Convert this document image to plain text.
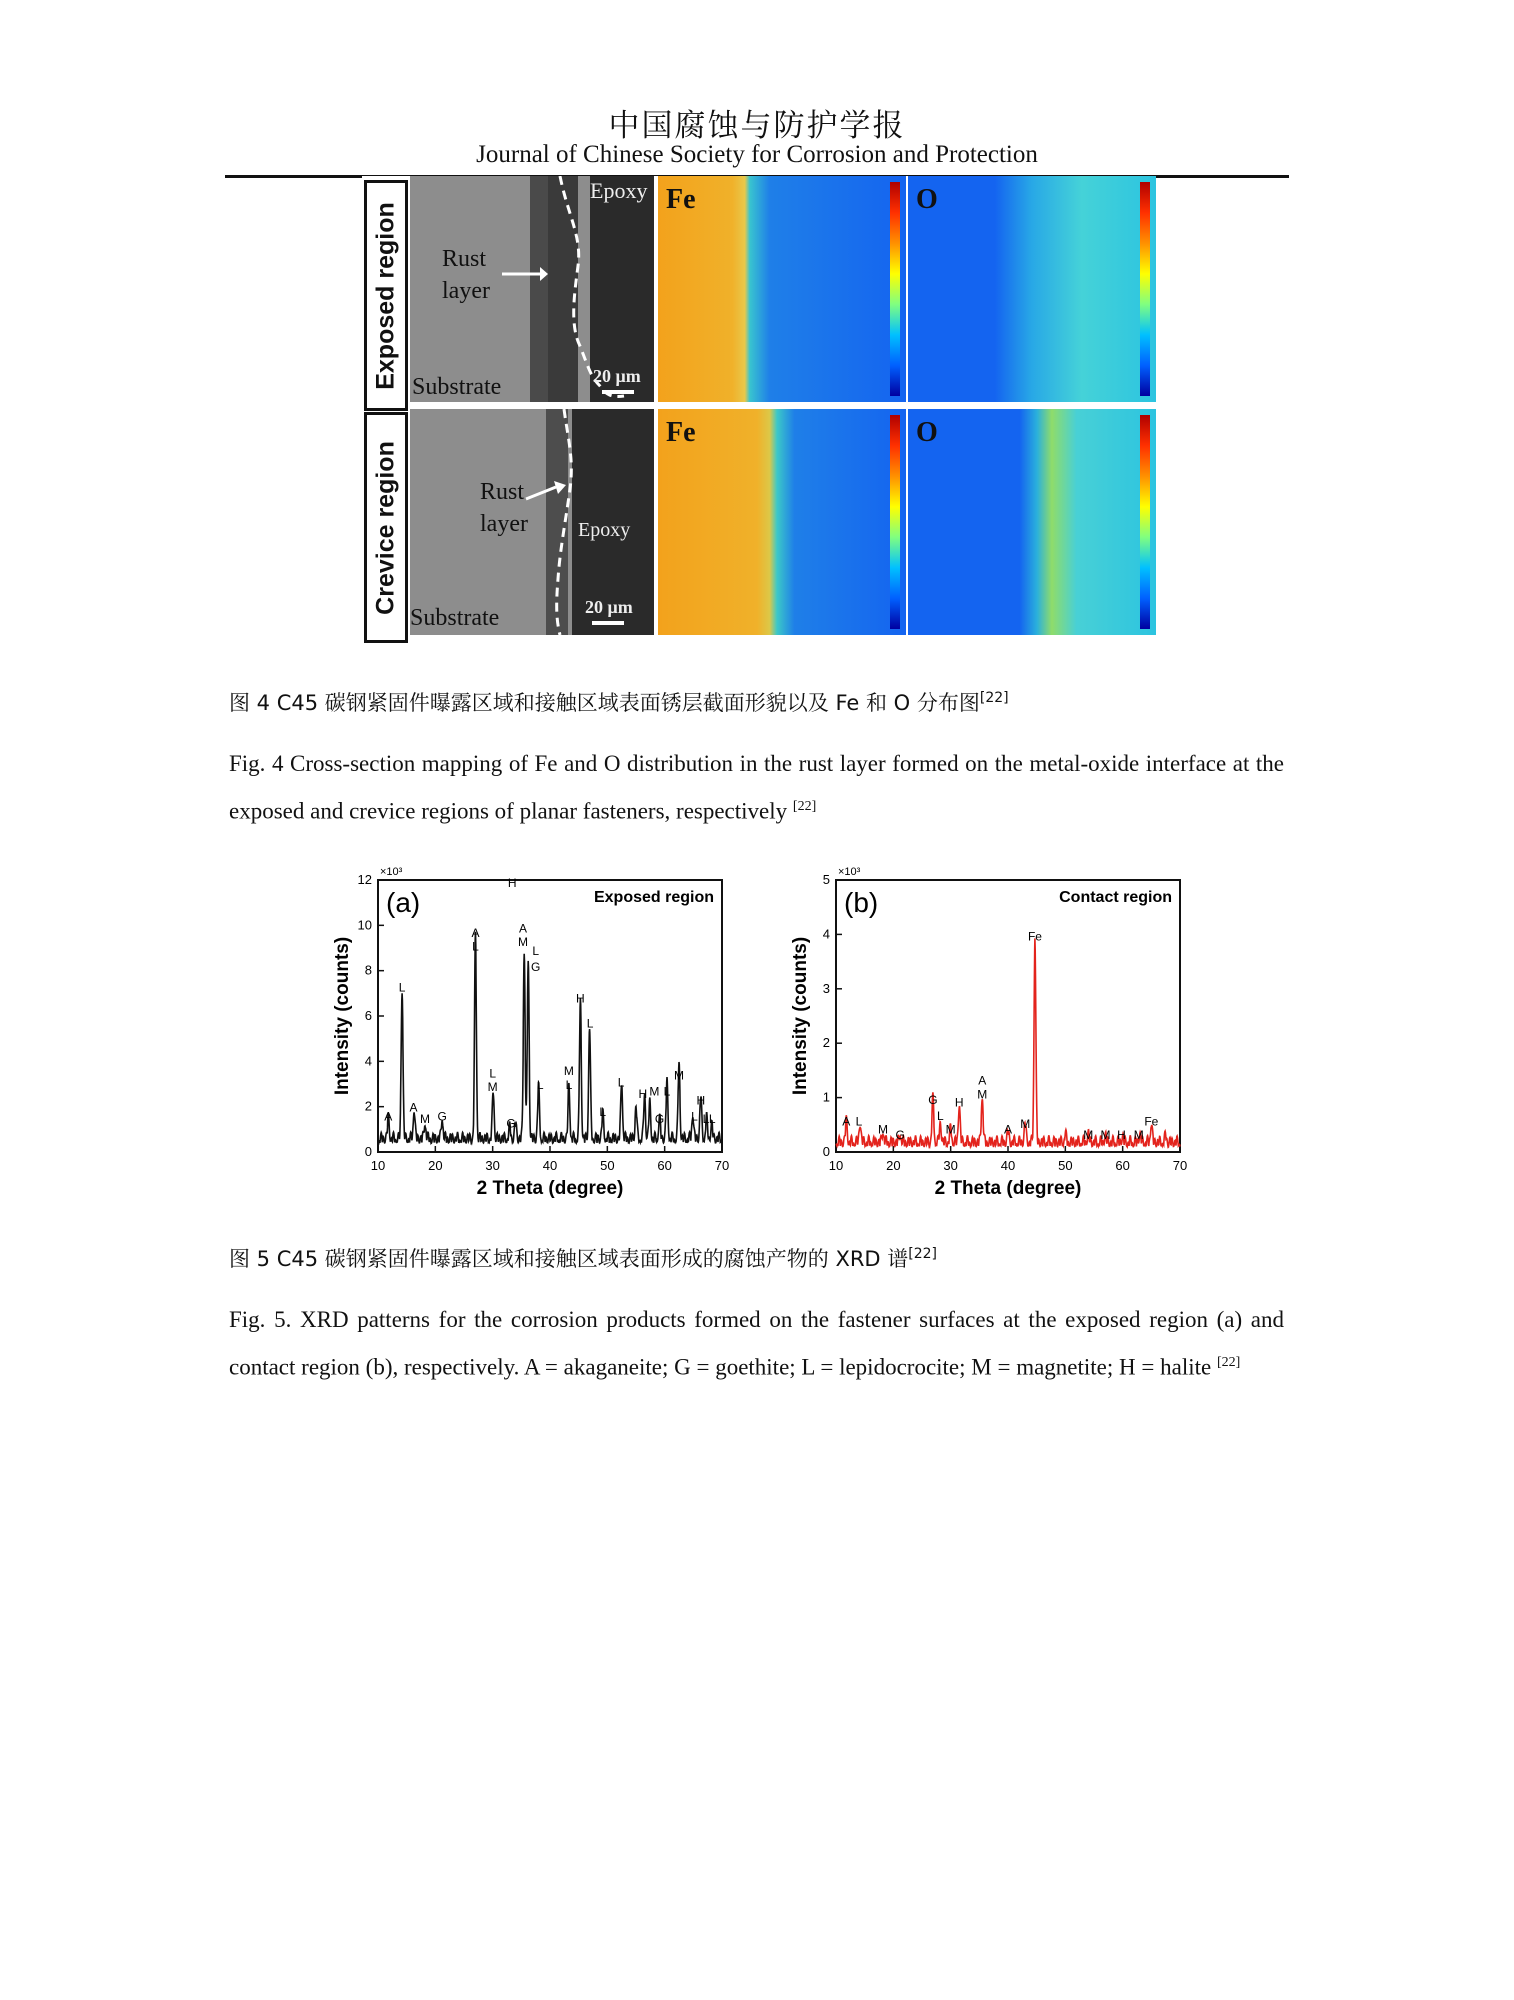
中国腐蚀与防护学报
Journal of Chinese Society for Corrosion and Protection
Exposed region
Epoxy
Rust
layer
Substrate	20 μm
Fe	O
Crevice region	Epoxy
Rust
layer
Substrate	20 μm
Fe	O
图 4 C45 碳钢紧固件曝露区域和接触区域表面锈层截面形貌以及 Fe 和 O 分布图[22]
Fig. 4 Cross-section mapping of Fe and O distribution in the rust layer formed on the metal-oxide interface at the exposed and crevice regions of planar fasteners, respectively [22]
10	20	30	40	50	60	70
0
2
4
6
8
10
12 ×10³
Exposed region
(a)
2 Theta (degree)
Intensity (counts)
A
L
A
M G
A
L
L
M
G
H
A
M
L
G
L
M
L
H
L
L
L
H M
G
L
M
H
L L L
10	20	30	40	50	60	70
0
1
2
3
4
5 ×10³
Contact region
(b)
2 Theta (degree)
Intensity (counts)
A L
M G
G
L
M
H
A
M
A M
Fe
M M H M
Fe
图 5 C45 碳钢紧固件曝露区域和接触区域表面形成的腐蚀产物的 XRD 谱[22]
Fig. 5. XRD patterns for the corrosion products formed on the fastener surfaces at the exposed region (a) and contact region (b), respectively. A = akaganeite; G = goethite; L = lepidocrocite; M = magnetite; H = halite [22]
